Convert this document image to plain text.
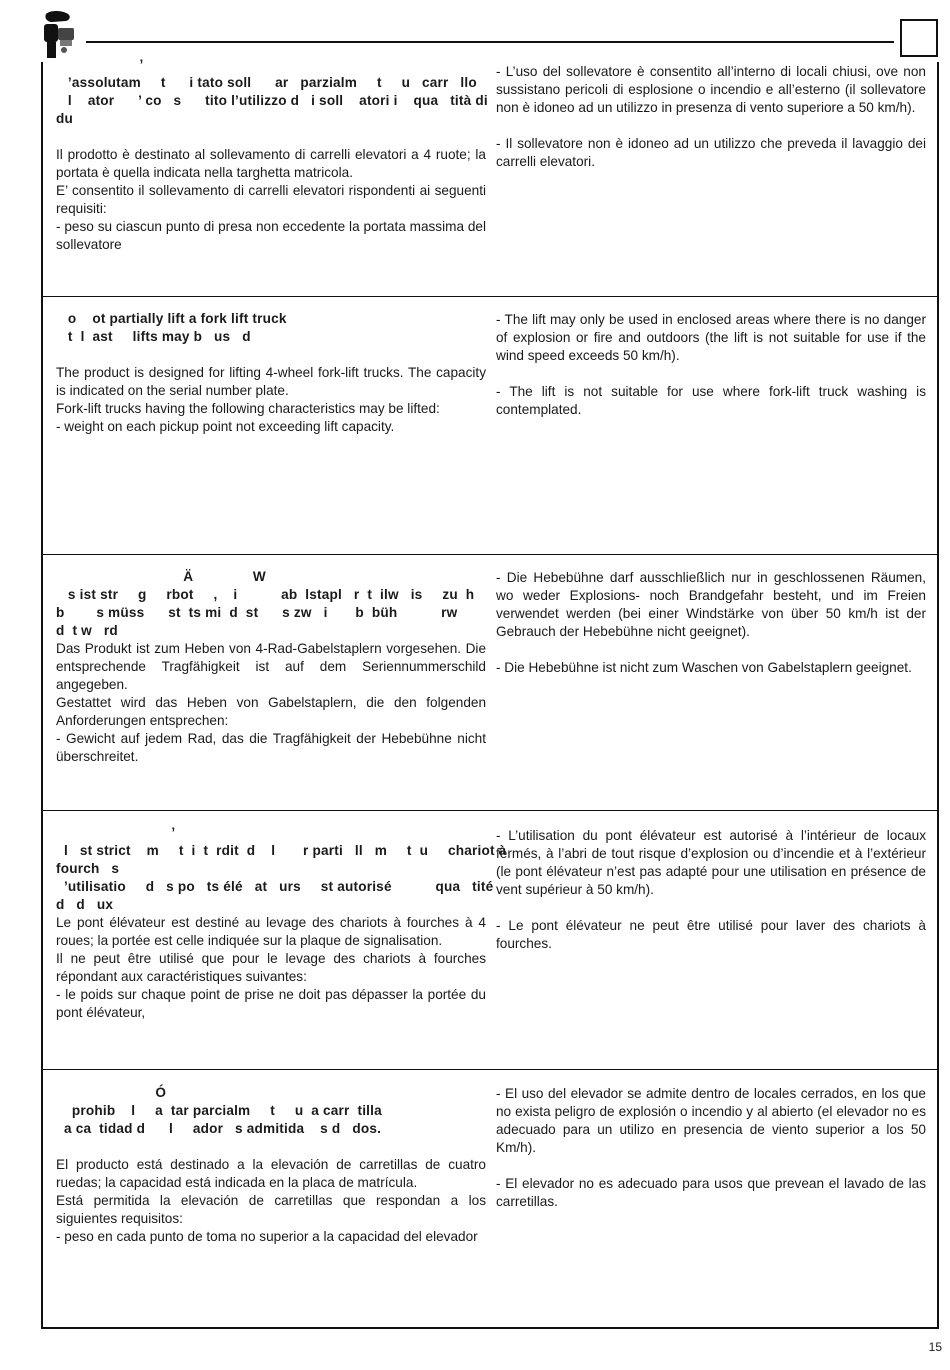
’
’assolutam     t      i tato soll      ar   parzialm     t     u   carr   llo
l    ator      ’ co   s      tito l’utilizzo d   i soll    atori i    qua   tità di
du

Il prodotto è destinato al sollevamento di carrelli elevatori a 4 ruote; la portata è quella indicata nella targhetta matricola.

E’ consentito il sollevamento di carrelli elevatori rispondenti ai seguenti requisiti:

- peso su ciascun punto di presa non eccedente la portata massima del sollevatore

- L’uso del sollevatore è consentito all’interno di locali chiusi, ove non sussistano pericoli di esplosione o incendio e all’esterno (il sollevatore non è idoneo ad un utilizzo in presenza di vento superiore a 50 km/h).

- Il sollevatore non è idoneo ad un utilizzo che preveda il lavaggio dei carrelli elevatori.

o    ot partially lift a fork lift truck
t  l  ast     lifts may b   us   d

The product is designed for lifting 4-wheel fork-lift trucks. The capacity is indicated on the serial number plate.

Fork-lift trucks having the following characteristics may be lifted:

- weight on each pickup point not exceeding lift capacity.

- The lift may only be used in enclosed areas where there is no danger of explosion or fire and outdoors (the lift is not suitable for use if the wind speed exceeds 50 km/h).

- The lift is not suitable for use where fork-lift truck washing is contemplated.

Ä               W
s ist str     g     rbot     ,    i           ab  lstapl   r  t  ilw   is     zu  h
b        s müss      st  ts mi  d  st      s zw   i       b  büh           rw
d  t w   rd

Das Produkt ist zum Heben von 4-Rad-Gabelstaplern vorgesehen. Die entsprechende Tragfähigkeit ist auf dem Seriennummerschild angegeben.

Gestattet wird das Heben von Gabelstaplern, die den folgenden Anforderungen entsprechen:

- Gewicht auf jedem Rad, das die Tragfähigkeit der Hebebühne nicht überschreitet.

- Die Hebebühne darf ausschließlich nur in geschlossenen Räumen, wo weder Explosions- noch Brandgefahr besteht, und im Freien verwendet werden (bei einer Windstärke von über 50 km/h ist der Gebrauch der Hebebühne nicht geeignet).

- Die Hebebühne ist nicht zum Waschen von Gabelstaplern geeignet.

’
l   st strict    m     t  i  t  rdit  d    l       r parti   ll   m     t  u     chariot à
fourch   s
’utilisatio     d   s po   ts élé   at   urs     st autorisé           qua   tité
d   d   ux

Le pont élévateur est destiné au levage des chariots à fourches à 4 roues; la portée est celle indiquée sur la plaque de signalisation.

Il ne peut être utilisé que pour le levage des chariots à fourches répondant aux caractéristiques suivantes:

- le poids sur chaque point de prise ne doit pas dépasser la portée du pont élévateur,

- L’utilisation du pont élévateur est autorisé à l’intérieur de locaux fermés, à l’abri de tout risque d’explosion ou d’incendie et à l’extérieur (le pont élévateur n’est pas adapté pour une utilisation en présence de vent supérieur à 50 km/h).

- Le pont élévateur ne peut être utilisé pour laver des chariots à fourches.

Ó
prohib    l     a  tar parcialm     t     u  a carr  tilla
a ca  tidad d      l     ador   s admitida    s d   dos.

El producto está destinado a la elevación de carretillas de cuatro ruedas; la capacidad está indicada en la placa de matrícula.

Está permitida la elevación de carretillas que respondan a los siguientes requisitos:

- peso en cada punto de toma no superior a la capacidad del elevador

- El uso del elevador se admite dentro de locales cerrados, en los que no exista peligro de explosión o incendio y al abierto (el elevador no es adecuado para un utilizo en presencia de viento superior a los 50 Km/h).

- El elevador no es adecuado para usos que prevean el lavado de las carretillas.

15
